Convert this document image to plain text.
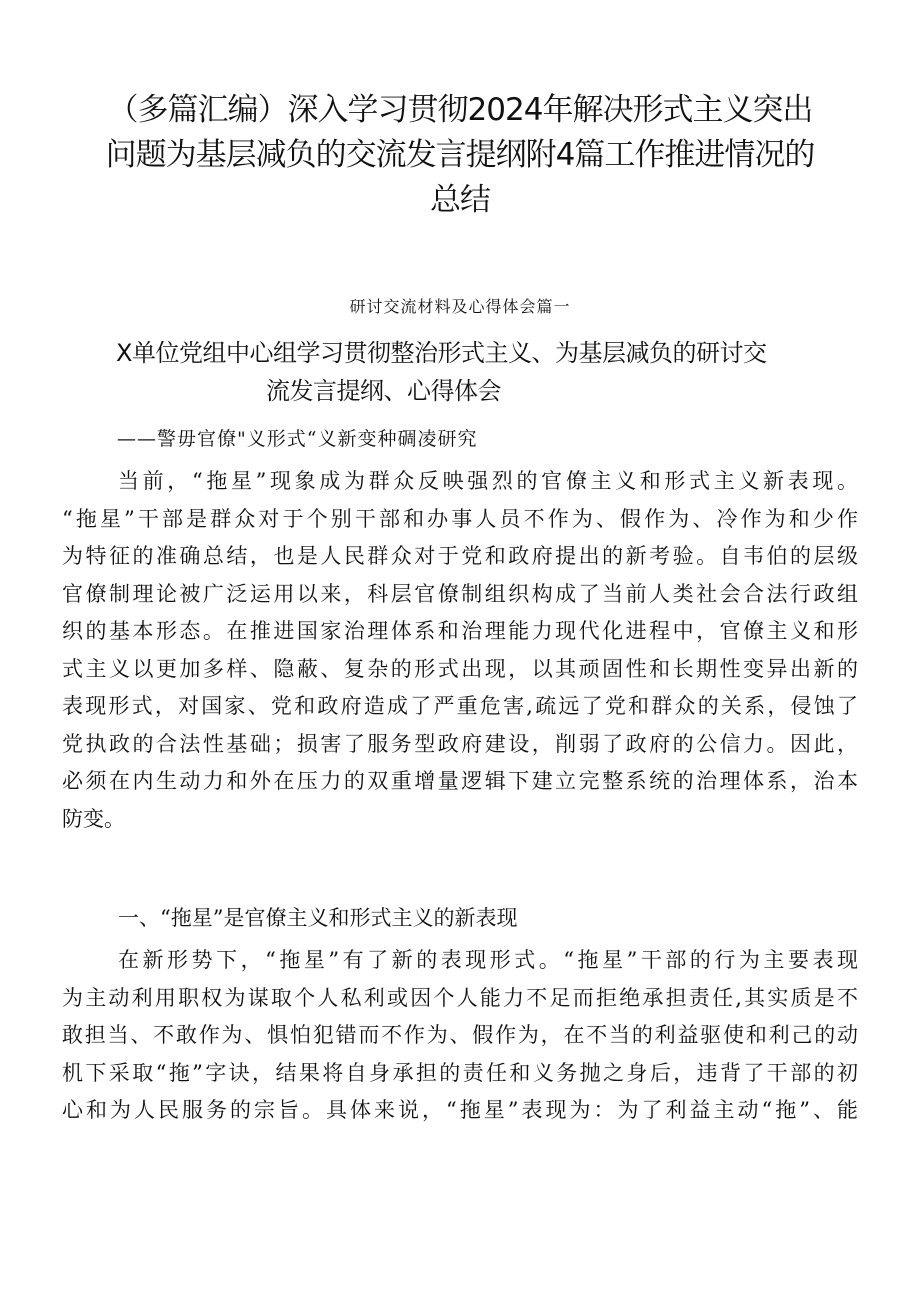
（多篇汇编）深入学习贯彻2024年解决形式主义突出
问题为基层减负的交流发言提纲附4篇工作推进情况的
总结
研讨交流材料及心得体会篇一
X单位党组中心组学习贯彻整治形式主义、为基层减负的研讨交
流发言提纲、心得体会
——警毋官僚"义形式“义新变种碉凌研究
当前，“拖星”现象成为群众反映强烈的官僚主义和形式主义新表现。
“拖星”干部是群众对于个别干部和办事人员不作为、假作为、冷作为和少作
为特征的准确总结，也是人民群众对于党和政府提出的新考验。自韦伯的层级
官僚制理论被广泛运用以来，科层官僚制组织构成了当前人类社会合法行政组
织的基本形态。在推进国家治理体系和治理能力现代化进程中，官僚主义和形
式主义以更加多样、隐蔽、复杂的形式出现，以其顽固性和长期性变异出新的
表现形式，对国家、党和政府造成了严重危害,疏远了党和群众的关系，侵蚀了
党执政的合法性基础；损害了服务型政府建设，削弱了政府的公信力。因此，
必须在内生动力和外在压力的双重增量逻辑下建立完整系统的治理体系，治本
防变。
一、“拖星”是官僚主义和形式主义的新表现
在新形势下，“拖星”有了新的表现形式。“拖星”干部的行为主要表现
为主动利用职权为谋取个人私利或因个人能力不足而拒绝承担责任,其实质是不
敢担当、不敢作为、惧怕犯错而不作为、假作为，在不当的利益驱使和利己的动
机下采取“拖”字诀，结果将自身承担的责任和义务抛之身后，违背了干部的初
心和为人民服务的宗旨。具体来说，“拖星”表现为：为了利益主动“拖”、能
